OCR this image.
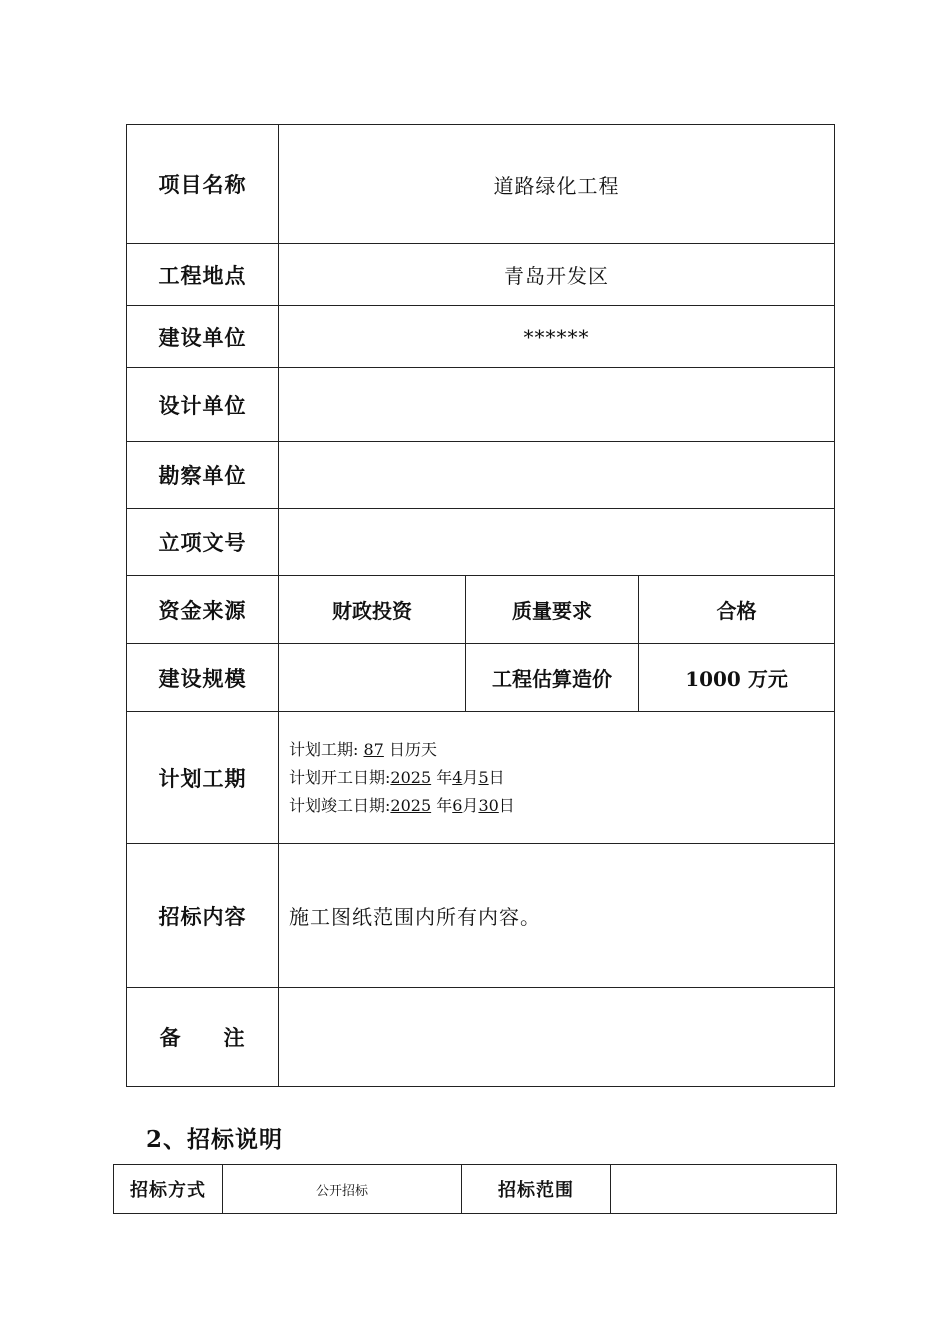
项目名称	道路绿化工程		
工程地点	青岛开发区		
建设单位	******		
设计单位			
勘察单位			
立项文号			
资金来源	财政投资	质量要求	合格
建设规模		工程估算造价	1000 万元
计划工期	计划工期: 87 日历天
计划开工日期:2025 年4月5日
计划竣工日期:2025 年6月30日		

招标内容	施工图纸范围内所有内容。		
备注			
2、招标说明
招标方式	公开招标	招标范围	
